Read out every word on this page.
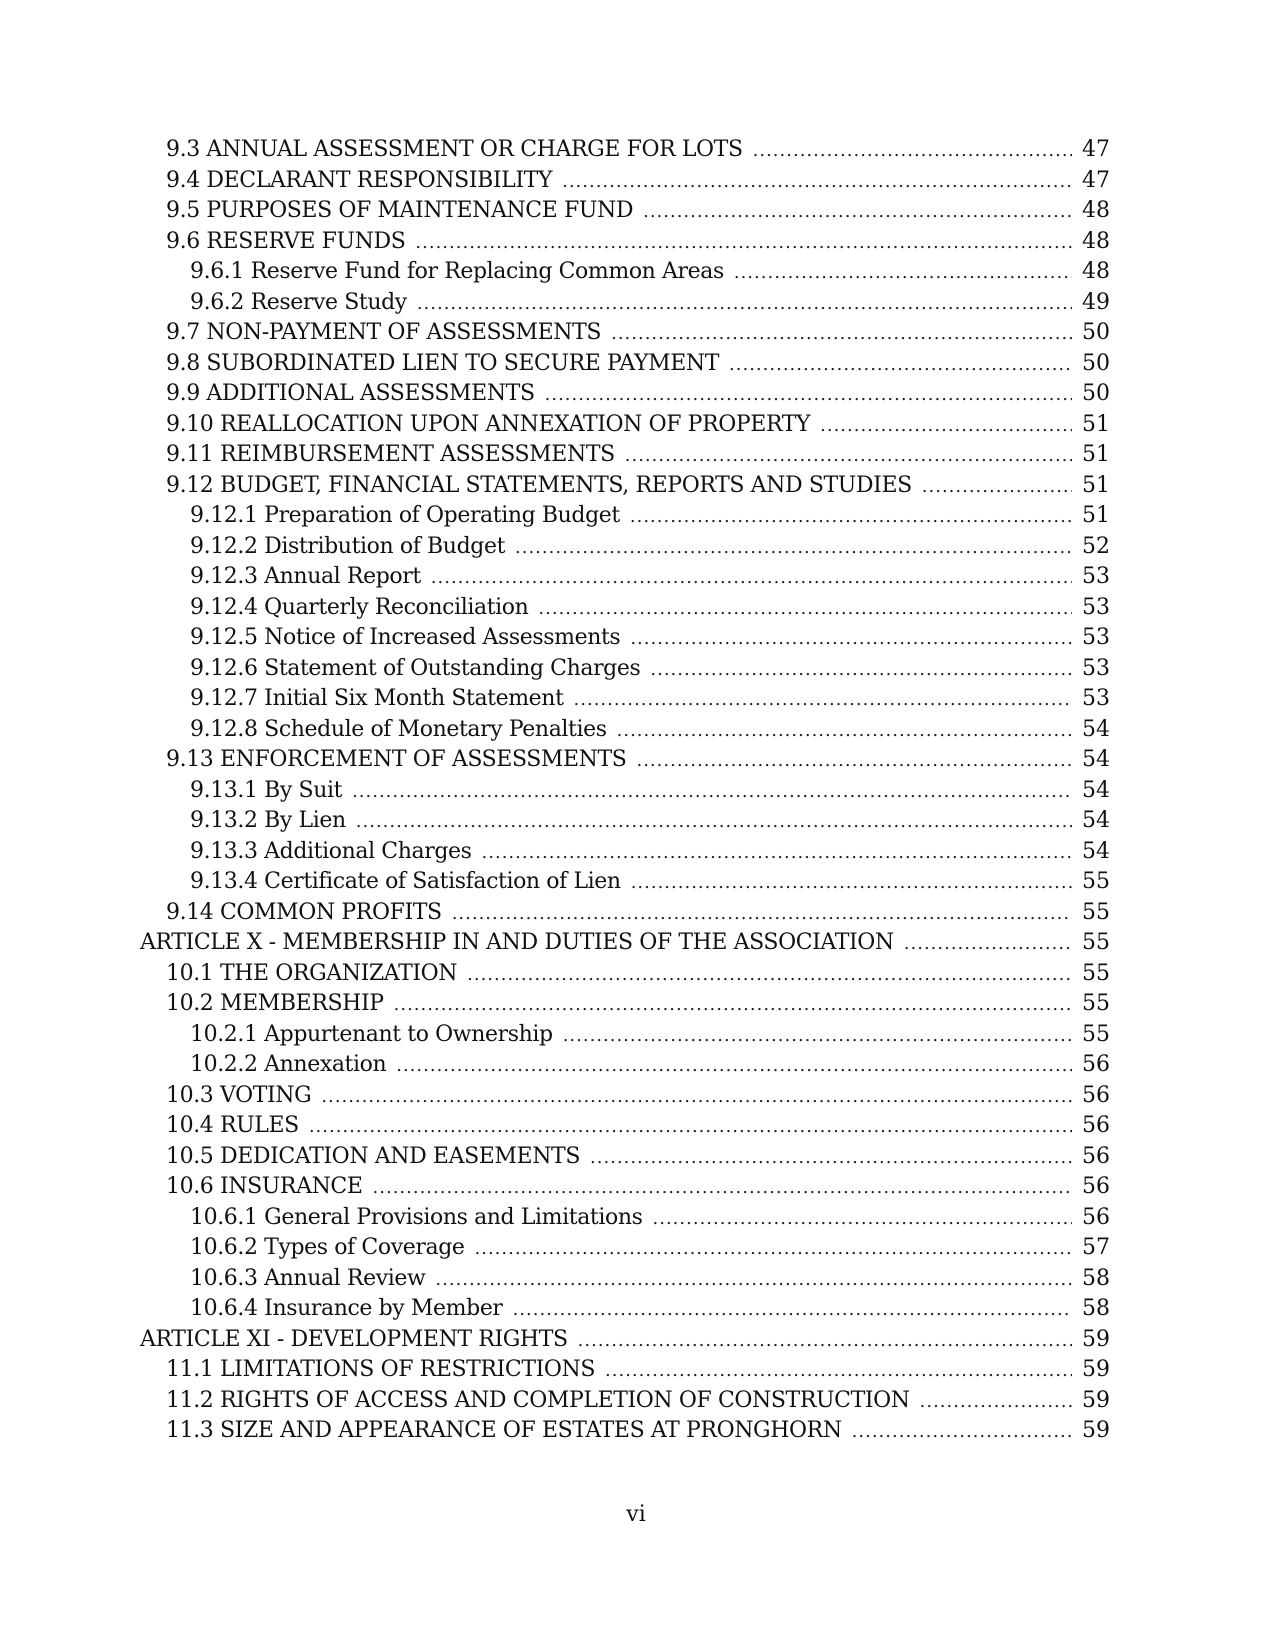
9.3 ANNUAL ASSESSMENT OR CHARGE FOR LOTS .....	47
9.4 DECLARANT RESPONSIBILITY .....	47
9.5 PURPOSES OF MAINTENANCE FUND .....	48
9.6 RESERVE FUNDS .....	48
9.6.1 Reserve Fund for Replacing Common Areas .....	48
9.6.2 Reserve Study .....	49
9.7 NON-PAYMENT OF ASSESSMENTS .....	50
9.8 SUBORDINATED LIEN TO SECURE PAYMENT .....	50
9.9 ADDITIONAL ASSESSMENTS .....	50
9.10 REALLOCATION UPON ANNEXATION OF PROPERTY .....	51
9.11 REIMBURSEMENT ASSESSMENTS .....	51
9.12 BUDGET, FINANCIAL STATEMENTS, REPORTS AND STUDIES .....	51
9.12.1 Preparation of Operating Budget .....	51
9.12.2 Distribution of Budget .....	52
9.12.3 Annual Report .....	53
9.12.4 Quarterly Reconciliation .....	53
9.12.5 Notice of Increased Assessments .....	53
9.12.6 Statement of Outstanding Charges .....	53
9.12.7 Initial Six Month Statement .....	53
9.12.8 Schedule of Monetary Penalties .....	54
9.13 ENFORCEMENT OF ASSESSMENTS .....	54
9.13.1 By Suit .....	54
9.13.2 By Lien .....	54
9.13.3 Additional Charges .....	54
9.13.4 Certificate of Satisfaction of Lien .....	55
9.14 COMMON PROFITS .....	55
ARTICLE X - MEMBERSHIP IN AND DUTIES OF THE ASSOCIATION .....	55
10.1 THE ORGANIZATION .....	55
10.2 MEMBERSHIP .....	55
10.2.1 Appurtenant to Ownership .....	55
10.2.2 Annexation .....	56
10.3 VOTING .....	56
10.4 RULES .....	56
10.5 DEDICATION AND EASEMENTS .....	56
10.6 INSURANCE .....	56
10.6.1 General Provisions and Limitations .....	56
10.6.2 Types of Coverage .....	57
10.6.3 Annual Review .....	58
10.6.4 Insurance by Member .....	58
ARTICLE XI - DEVELOPMENT RIGHTS .....	59
11.1 LIMITATIONS OF RESTRICTIONS .....	59
11.2 RIGHTS OF ACCESS AND COMPLETION OF CONSTRUCTION .....	59
11.3 SIZE AND APPEARANCE OF ESTATES AT PRONGHORN .....	59
vi
